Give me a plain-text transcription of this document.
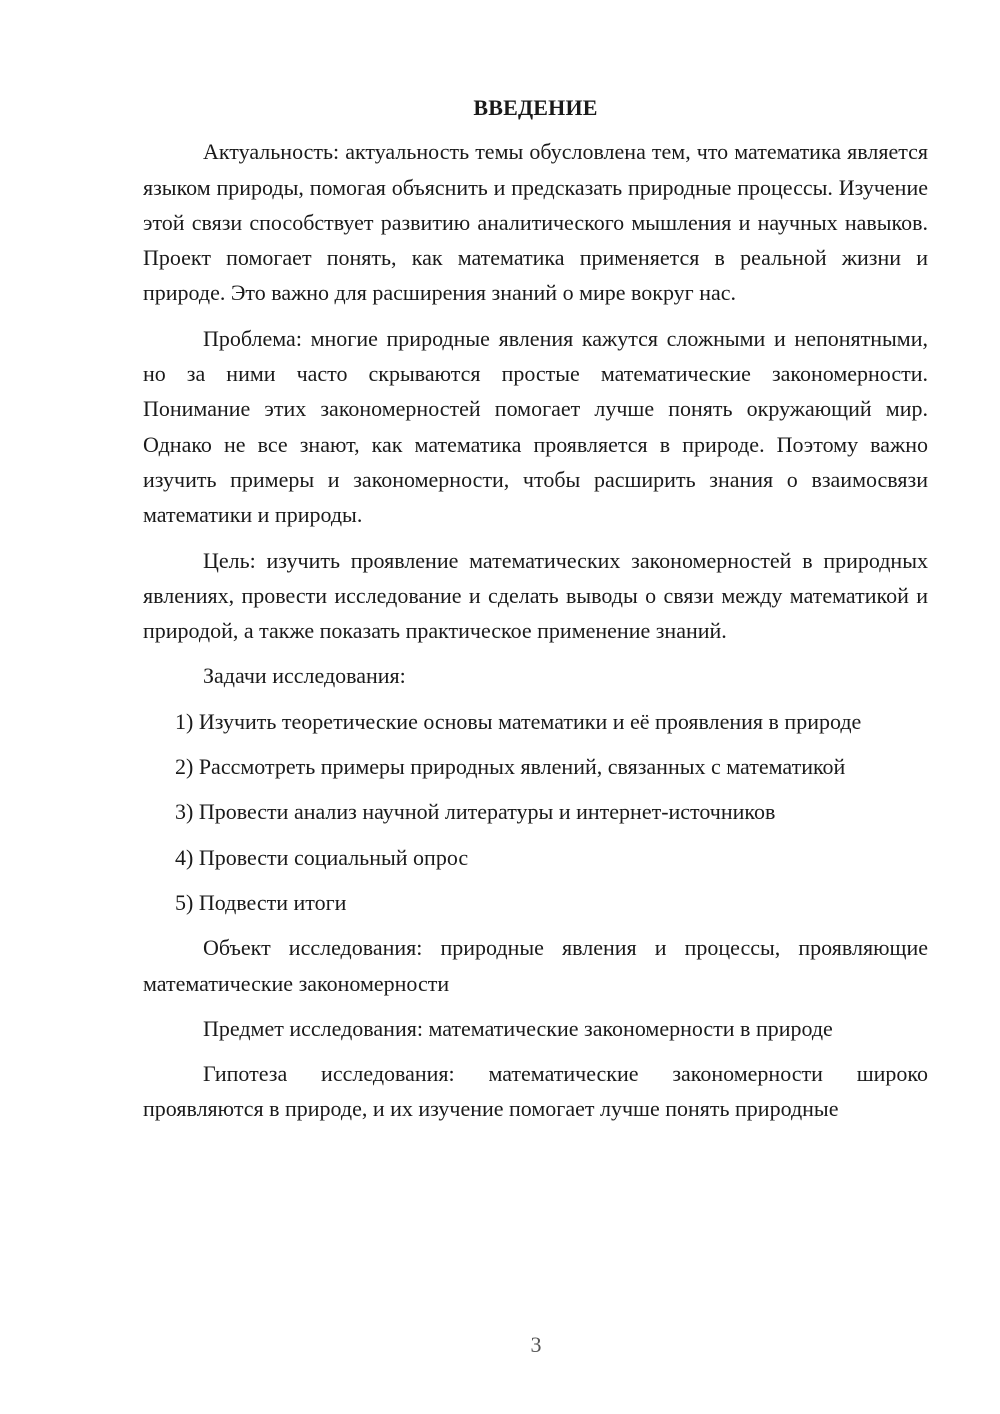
ВВЕДЕНИЕ
Актуальность: актуальность темы обусловлена тем, что математика является языком природы, помогая объяснить и предсказать природные процессы. Изучение этой связи способствует развитию аналитического мышления и научных навыков. Проект помогает понять, как математика применяется в реальной жизни и природе. Это важно для расширения знаний о мире вокруг нас.
Проблема: многие природные явления кажутся сложными и непонятными, но за ними часто скрываются простые математические закономерности. Понимание этих закономерностей помогает лучше понять окружающий мир. Однако не все знают, как математика проявляется в природе. Поэтому важно изучить примеры и закономерности, чтобы расширить знания о взаимосвязи математики и природы.
Цель: изучить проявление математических закономерностей в природных явлениях, провести исследование и сделать выводы о связи между математикой и природой, а также показать практическое применение знаний.
Задачи исследования:
1) Изучить теоретические основы математики и её проявления в природе
2) Рассмотреть примеры природных явлений, связанных с математикой
3) Провести анализ научной литературы и интернет-источников
4) Провести социальный опрос
5) Подвести итоги
Объект исследования: природные явления и процессы, проявляющие математические закономерности
Предмет исследования: математические закономерности в природе
Гипотеза исследования: математические закономерности широко проявляются в природе, и их изучение помогает лучше понять природные
3
